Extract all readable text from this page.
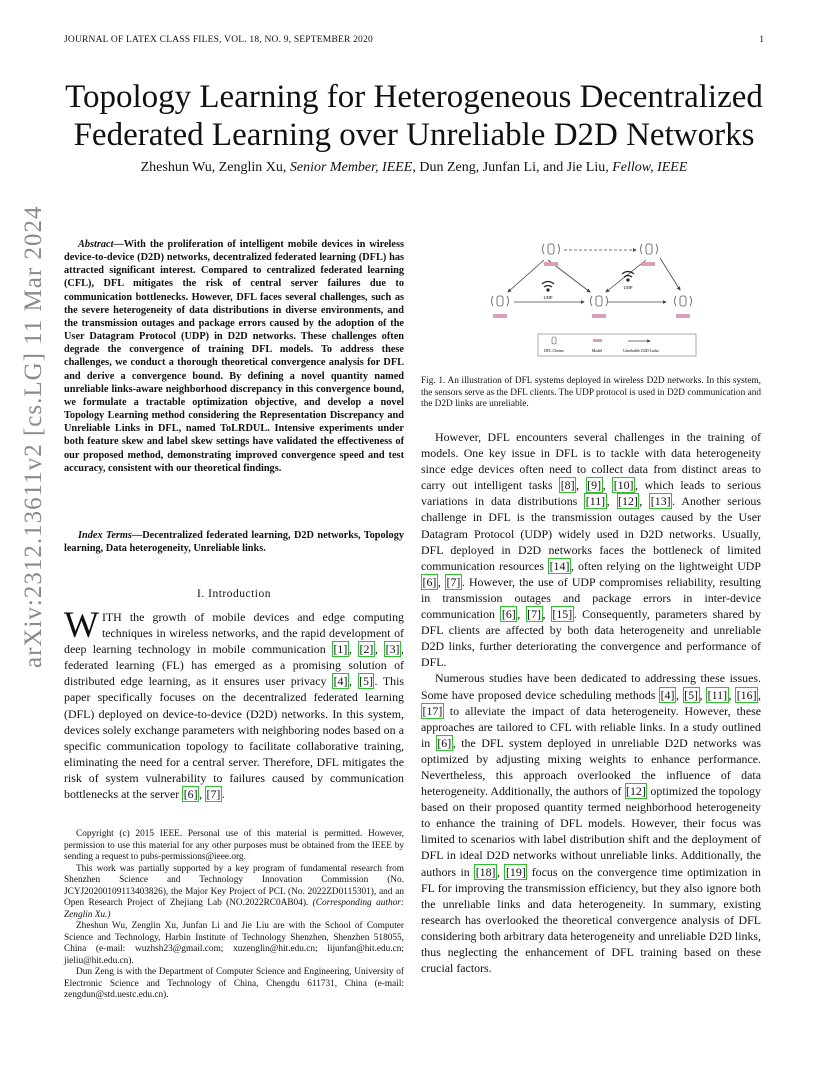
JOURNAL OF LATEX CLASS FILES, VOL. 18, NO. 9, SEPTEMBER 2020	1
arXiv:2312.13611v2 [cs.LG] 11 Mar 2024
Topology Learning for Heterogeneous Decentralized
Federated Learning over Unreliable D2D Networks
Zheshun Wu, Zenglin Xu, Senior Member, IEEE, Dun Zeng, Junfan Li, and Jie Liu, Fellow, IEEE

Abstract—With the proliferation of intelligent mobile devices in wireless device-to-device (D2D) networks, decentralized federated learning (DFL) has attracted significant interest. Compared to centralized federated learning (CFL), DFL mitigates the risk of central server failures due to communication bottlenecks. However, DFL faces several challenges, such as the severe heterogeneity of data distributions in diverse environments, and the transmission outages and package errors caused by the adoption of the User Datagram Protocol (UDP) in D2D networks. These challenges often degrade the convergence of training DFL models. To address these challenges, we conduct a thorough theoretical convergence analysis for DFL and derive a convergence bound. By defining a novel quantity named unreliable links-aware neighborhood discrepancy in this convergence bound, we formulate a tractable optimization objective, and develop a novel Topology Learning method considering the Representation Discrepancy and Unreliable Links in DFL, named ToLRDUL. Intensive experiments under both feature skew and label skew settings have validated the effectiveness of our proposed method, demonstrating improved convergence speed and test accuracy, consistent with our theoretical findings.

Index Terms—Decentralized federated learning, D2D networks, Topology learning, Data heterogeneity, Unreliable links.
I. Introduction

WITH the growth of mobile devices and edge computing techniques in wireless networks, and the rapid development of deep learning technology in mobile communication [1] , [2] , [3] , federated learning (FL) has emerged as a promising solution of distributed edge learning, as it ensures user privacy [4] , [5] . This paper specifically focuses on the decentralized federated learning (DFL) deployed on device-to-device (D2D) networks. In this system, devices solely exchange parameters with neighboring nodes based on a specific communication topology to facilitate collaborative training, eliminating the need for a central server. Therefore, DFL mitigates the risk of system vulnerability to failures caused by communication bottlenecks at the server [6] , [7] .

Copyright (c) 2015 IEEE. Personal use of this material is permitted. However, permission to use this material for any other purposes must be obtained from the IEEE by sending a request to pubs-permissions@ieee.org.

This work was partially supported by a key program of fundamental research from Shenzhen Science and Technology Innovation Commission (No. JCYJ20200109113403826), the Major Key Project of PCL (No. 2022ZD0115301), and an Open Research Project of Zhejiang Lab (NO.2022RC0AB04). (Corresponding author: Zenglin Xu.)

Zheshun Wu, Zenglin Xu, Junfan Li and Jie Liu are with the School of Computer Science and Technology, Harbin Institute of Technology Shenzhen, Shenzhen 518055, China (e-mail: wuzhsh23@gmail.com; xuzenglin@hit.edu.cn; lijunfan@hit.edu.cn; jieliu@hit.edu.cn).

Dun Zeng is with the Department of Computer Science and Engineering, University of Electronic Science and Technology of China, Chengdu 611731, China (e-mail: zengdun@std.uestc.edu.cn).

UDP
UDP
DFL Clients	Model	Unreliable D2D Links
Fig. 1. An illustration of DFL systems deployed in wireless D2D networks. In this system, the sensors serve as the DFL clients. The UDP protocol is used in D2D communication and the D2D links are unreliable.

However, DFL encounters several challenges in the training of models. One key issue in DFL is to tackle with data heterogeneity since edge devices often need to collect data from distinct areas to carry out intelligent tasks [8] , [9] , [10] , which leads to serious variations in data distributions [11] , [12] , [13] . Another serious challenge in DFL is the transmission outages caused by the User Datagram Protocol (UDP) widely used in D2D networks. Usually, DFL deployed in D2D networks faces the bottleneck of limited communication resources [14] , often relying on the lightweight UDP [6] , [7] . However, the use of UDP compromises reliability, resulting in transmission outages and package errors in inter-device communication [6] , [7] , [15] . Consequently, parameters shared by DFL clients are affected by both data heterogeneity and unreliable D2D links, further deteriorating the convergence and performance of DFL.

Numerous studies have been dedicated to addressing these issues. Some have proposed device scheduling methods [4] , [5] , [11] , [16] , [17] to alleviate the impact of data heterogeneity. However, these approaches are tailored to CFL with reliable links. In a study outlined in [6] , the DFL system deployed in unreliable D2D networks was optimized by adjusting mixing weights to enhance performance. Nevertheless, this approach overlooked the influence of data heterogeneity. Additionally, the authors of [12] optimized the topology based on their proposed quantity termed neighborhood heterogeneity to enhance the training of DFL models. However, their focus was limited to scenarios with label distribution shift and the deployment of DFL in ideal D2D networks without unreliable links. Additionally, the authors in [18] , [19] focus on the convergence time optimization in FL for improving the transmission efficiency, but they also ignore both the unreliable links and data heterogeneity. In summary, existing research has overlooked the theoretical convergence analysis of DFL considering both arbitrary data heterogeneity and unreliable D2D links, thus neglecting the enhancement of DFL training based on these crucial factors.
